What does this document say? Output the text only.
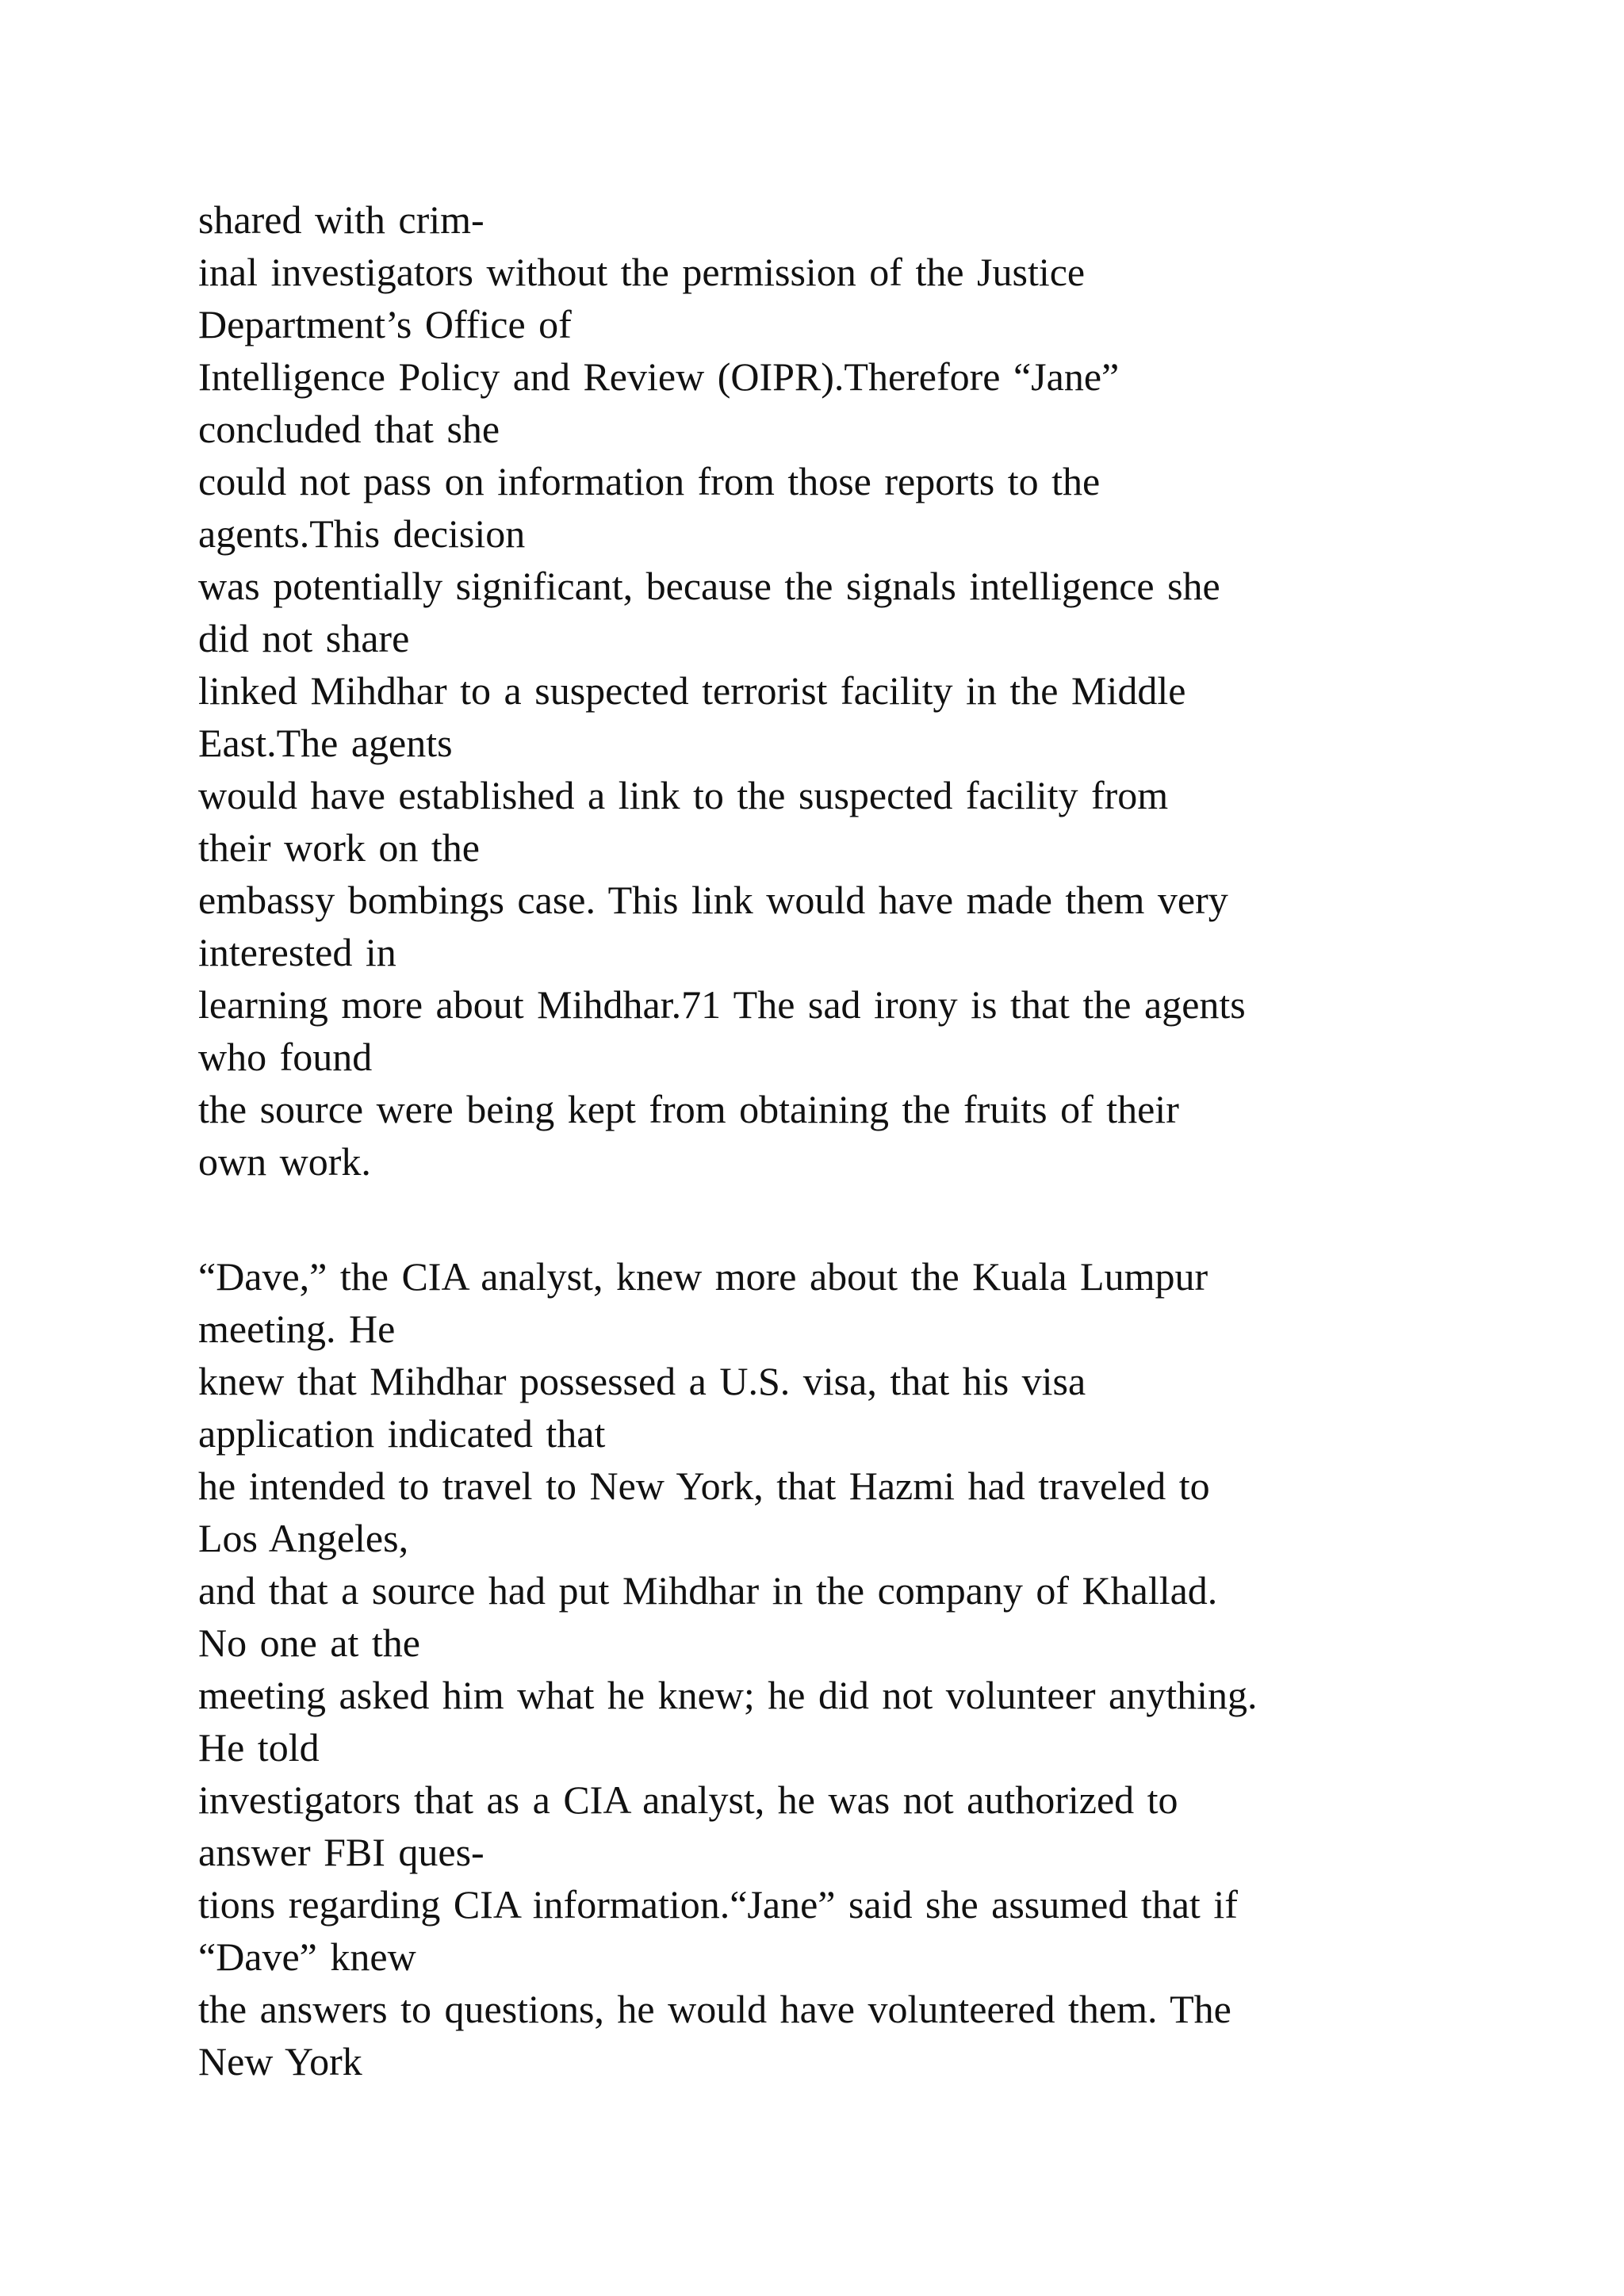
shared with crim-
inal investigators without the permission of the Justice
Department’s Office of
Intelligence Policy and Review (OIPR).Therefore “Jane”
concluded that she
could not pass on information from those reports to the
agents.This decision
was potentially significant, because the signals intelligence she
did not share
linked Mihdhar to a suspected terrorist facility in the Middle
East.The agents
would have established a link to the suspected facility from
their work on the
embassy bombings case. This link would have made them very
interested in
learning more about Mihdhar.71 The sad irony is that the agents
who found
the source were being kept from obtaining the fruits of their
own work.
“Dave,” the CIA analyst, knew more about the Kuala Lumpur
meeting. He
knew that Mihdhar possessed a U.S. visa, that his visa
application indicated that
he intended to travel to New York, that Hazmi had traveled to
Los Angeles,
and that a source had put Mihdhar in the company of Khallad.
No one at the
meeting asked him what he knew; he did not volunteer anything.
He told
investigators that as a CIA analyst, he was not authorized to
answer FBI ques-
tions regarding CIA information.“Jane” said she assumed that if
“Dave” knew
the answers to questions, he would have volunteered them. The
New York
